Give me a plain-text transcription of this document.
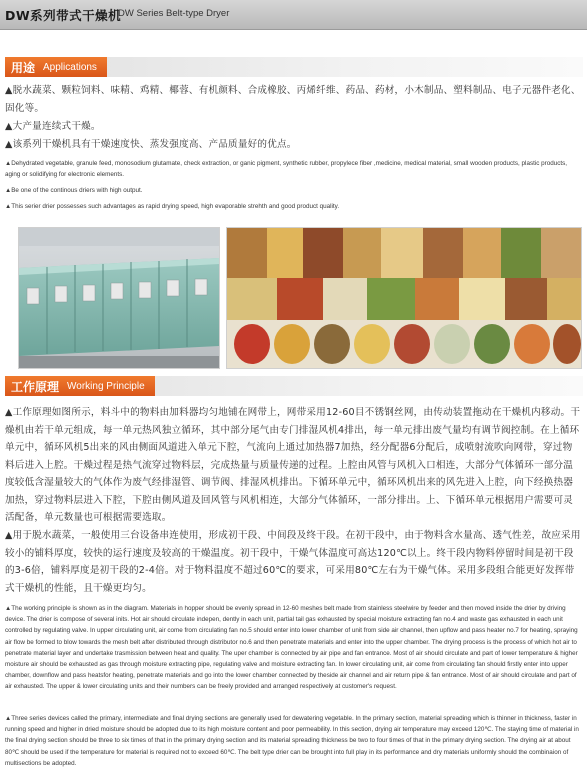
DW系列带式干燥机
DW Series Belt-type Dryer
用途 Applications

▲脱水蔬菜、颗粒饲料、味精、鸡精、椰蓉、有机颜料、合成橡胶、丙烯纤维、药品、药材，小木制品、塑料制品、电子元器件老化、固化等。

▲大产量连续式干燥。

▲该系列干燥机具有干燥速度快、蒸发强度高、产品质量好的优点。

▲Dehydrated vegetable, granule feed, monosodium glutamate, check extraction, or ganic pigment, synthetic rubber, propylece fiber ,medicine, medical material, small wooden products, plastic products, aging or solidifying for electronic elements.

▲Be one of the continous driers with high output.

▲This serier drier possesses such advantages as rapid drying speed, high evaporable strehth and good product quality.

工作原理 Working Principle

▲工作原理如图所示，料斗中的物料由加料器均匀地铺在网带上，网带采用12-60目不锈钢丝网，由传动装置拖动在干燥机内移动。干燥机由若干单元组成，每一单元热风独立循环，其中部分尾气由专门排湿风机4排出，每一单元排出废气量均有调节阀控制。在上循环单元中，循环风机5出来的风由侧面风道进入单元下腔，气流向上通过加热器7加热，经分配器6分配后，成喷射流吹向网带，穿过物料后进入上腔。干燥过程是热气流穿过物料层，完成热量与质量传递的过程。上腔由风管与风机入口相连，大部分气体循环一部分温度较低含湿量较大的气体作为废气经排湿管、调节阀、排湿风机排出。下循环单元中，循环风机出来的风先进入上腔，向下经换热器加热，穿过物料层进入下腔，下腔由侧风道及回风管与风机相连，大部分气体循环，一部分排出。上、下循环单元根据用户需要可灵活配备，单元数量也可根据需要选取。

▲用于脱水蔬菜，一般使用三台设备串连使用，形成初干段、中间段及终干段。在初干段中，由于物料含水量高、透气性差，故应采用较小的铺料厚度，较快的运行速度及较高的干燥温度。初干段中，干燥气体温度可高达120℃以上。终干段内物料停留时间是初干段的3-6倍，铺料厚度是初干段的2-4倍。对于物料温度不超过60℃的要求，可采用80℃左右为干燥气体。采用多段组合能更好发挥带式干燥机的性能，且干燥更均匀。

▲The working principle is shown as in the diagram. Materials in hopper should be evenly spread in 12-60 meshes belt made from stainless steelwire by feeder and then moved inside the drier by driving device. The drier is compose of several inits. Hot air should circulate indepen, dently in each unit, partial tail gas exhausted by special moisture extracting fan no.4 and waste gas exhausted in each unit controlled by regulating valve. In upper circulating unit, air come from circulating fan no.5 should enter into lower chamber of unit from side air channel, then upflow and pass heater no.7 for heating, spraying air flow be formed to blow towards the mesh belt after distributed through distributor no.6 and then penetrate materials and enter into the upper chamber. The drying process is the process of which hot air to penetrate material layer and undertake trasmission between heat and quality. The uper chamber is connected by air pipe and fan entrance. Most of air should circulate and part of lower temperature & higher moisture air should be exhausted as gas through moisture extracting pipe, regulating valve and moisture extracting fan. In lower circulating unit, air come from circulating fan should firstly enter into upper chamber, downflow and pass heatsfor heating, penetrate materials and go into the lower chamber connected by theside air channel and air return pipe & fan entrance. Most of air should circulate and part of air exhausted. The upper & lower circulating units and their numbers can be freely provided and arranged respectively at customer's request.

▲Three series devices called the primary, intermediate and final drying sections are generally used for dewatering vegetable. In the primary section, material spreading which is thinner in thickness, faster in running speed and higher in dried moisture should be adopted due to its high moisture content and poor permeability. In this section, drying air temperature may exceed 120℃. The staying time of material in the final drying section should be three to six times of that in the primary drying section and its material spreading thickness be two to four times of that in the primary drying section. The drying air at about 80℃ should be used if the temperature for material is required not to exceed 60℃. The belt type drier can be brought into full play in its performance and dry materials uniformly should the combinaion of multisections be adopted.
